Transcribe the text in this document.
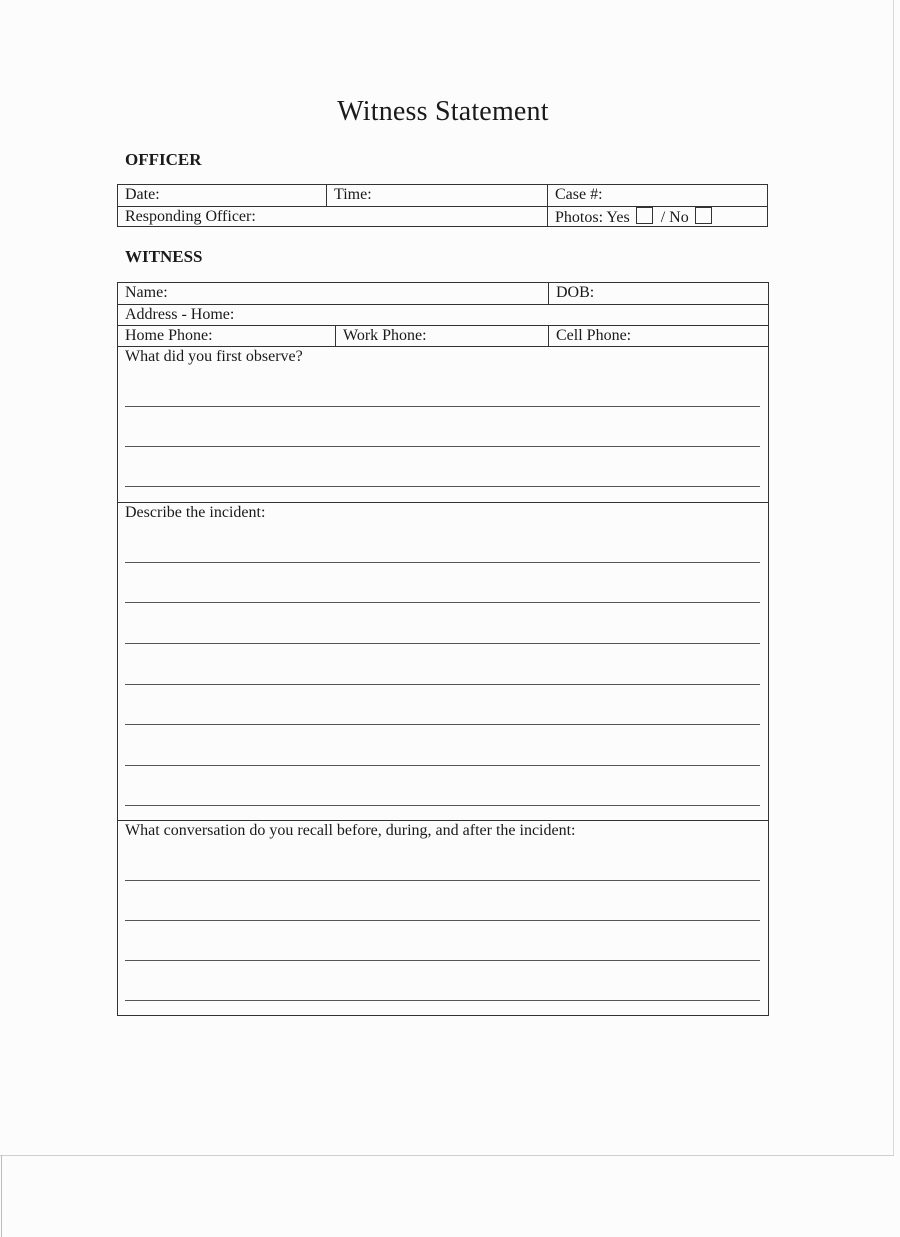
Witness Statement
OFFICER
Date:	Time:	Case #:
Responding Officer:	Photos: Yes / No
WITNESS
Name:	DOB:
Address - Home:
Home Phone:	Work Phone:	Cell Phone:
What did you first observe?
Describe the incident:
What conversation do you recall before, during, and after the incident:
